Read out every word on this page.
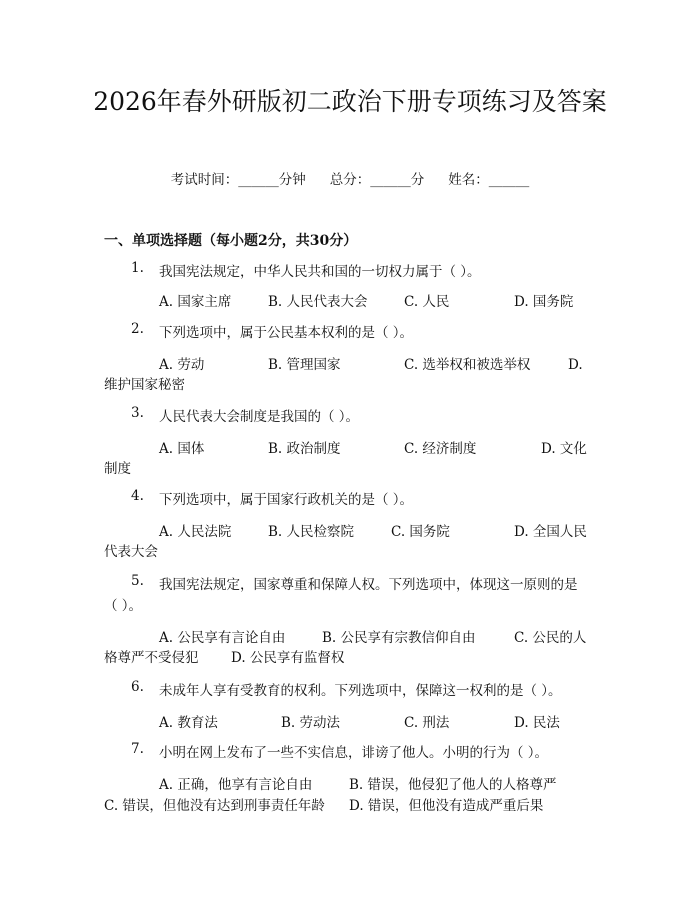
2026年春外研版初二政治下册专项练习及答案
考试时间：______分钟 总分：______分 姓名：______
一、单项选择题（每小题2分，共30分）
1.	我国宪法规定，中华人民共和国的一切权力属于（ ）。
A. 国家主席	B. 人民代表大会	C. 人民	D. 国务院
2.	下列选项中，属于公民基本权利的是（ ）。
A. 劳动	B. 管理国家	C. 选举权和被选举权	D.
维护国家秘密
3.	人民代表大会制度是我国的（ ）。
A. 国体	B. 政治制度	C. 经济制度	D. 文化
制度
4.	下列选项中，属于国家行政机关的是（ ）。
A. 人民法院	B. 人民检察院	C. 国务院	D. 全国人民
代表大会
5.	我国宪法规定，国家尊重和保障人权。下列选项中，体现这一原则的是
（ ）。
A. 公民享有言论自由	B. 公民享有宗教信仰自由	C. 公民的人
格尊严不受侵犯 D. 公民享有监督权
6.	未成年人享有受教育的权利。下列选项中，保障这一权利的是（ ）。
A. 教育法	B. 劳动法	C. 刑法	D. 民法
7.	小明在网上发布了一些不实信息，诽谤了他人。小明的行为（ ）。
A. 正确，他享有言论自由	B. 错误，他侵犯了他人的人格尊严
C. 错误，但他没有达到刑事责任年龄 D. 错误，但他没有造成严重后果
